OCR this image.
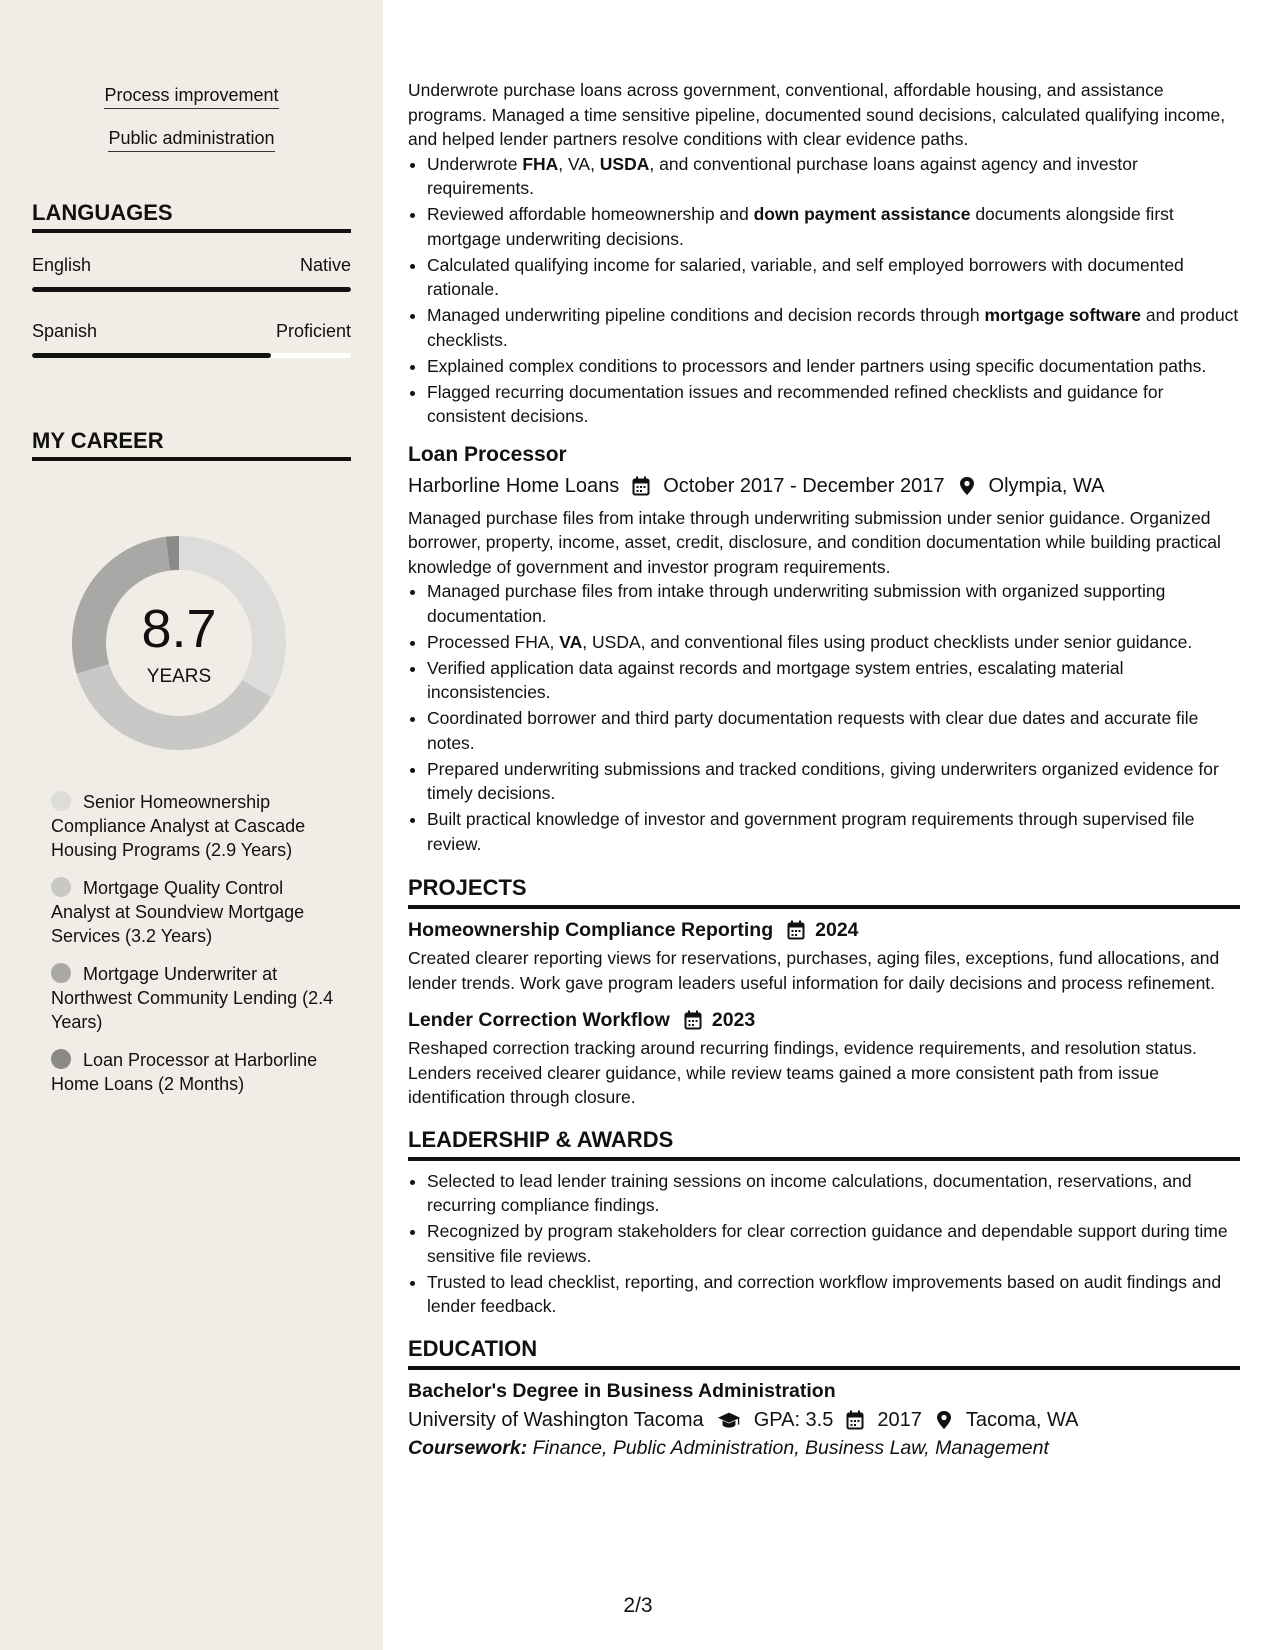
Process improvement
Public administration
LANGUAGES
English	Native
Spanish	Proficient
MY CAREER
8.7
YEARS
Senior Homeownership Compliance Analyst at Cascade Housing Programs (2.9 Years)
Mortgage Quality Control Analyst at Soundview Mortgage Services (3.2 Years)
Mortgage Underwriter at Northwest Community Lending (2.4 Years)
Loan Processor at Harborline Home Loans (2 Months)

Underwrote purchase loans across government, conventional, affordable housing, and assistance programs. Managed a time sensitive pipeline, documented sound decisions, calculated qualifying income, and helped lender partners resolve conditions with clear evidence paths.

• Underwrote FHA, VA, USDA, and conventional purchase loans against agency and investor requirements.
• Reviewed affordable homeownership and down payment assistance documents alongside first mortgage underwriting decisions.
• Calculated qualifying income for salaried, variable, and self employed borrowers with documented rationale.
• Managed underwriting pipeline conditions and decision records through mortgage software and product checklists.
• Explained complex conditions to processors and lender partners using specific documentation paths.
• Flagged recurring documentation issues and recommended refined checklists and guidance for consistent decisions.
Loan Processor
Harborline Home Loans October 2017 - December 2017 Olympia, WA

Managed purchase files from intake through underwriting submission under senior guidance. Organized borrower, property, income, asset, credit, disclosure, and condition documentation while building practical knowledge of government and investor program requirements.

• Managed purchase files from intake through underwriting submission with organized supporting documentation.
• Processed FHA, VA, USDA, and conventional files using product checklists under senior guidance.
• Verified application data against records and mortgage system entries, escalating material inconsistencies.
• Coordinated borrower and third party documentation requests with clear due dates and accurate file notes.
• Prepared underwriting submissions and tracked conditions, giving underwriters organized evidence for timely decisions.
• Built practical knowledge of investor and government program requirements through supervised file review.
PROJECTS
Homeownership Compliance Reporting 2024

Created clearer reporting views for reservations, purchases, aging files, exceptions, fund allocations, and lender trends. Work gave program leaders useful information for daily decisions and process refinement.

Lender Correction Workflow 2023

Reshaped correction tracking around recurring findings, evidence requirements, and resolution status. Lenders received clearer guidance, while review teams gained a more consistent path from issue identification through closure.

LEADERSHIP & AWARDS
• Selected to lead lender training sessions on income calculations, documentation, reservations, and recurring compliance findings.
• Recognized by program stakeholders for clear correction guidance and dependable support during time sensitive file reviews.
• Trusted to lead checklist, reporting, and correction workflow improvements based on audit findings and lender feedback.
EDUCATION
Bachelor's Degree in Business Administration
University of Washington Tacoma	GPA: 3.5 2017 Tacoma, WA
Coursework: Finance, Public Administration, Business Law, Management
2/3
